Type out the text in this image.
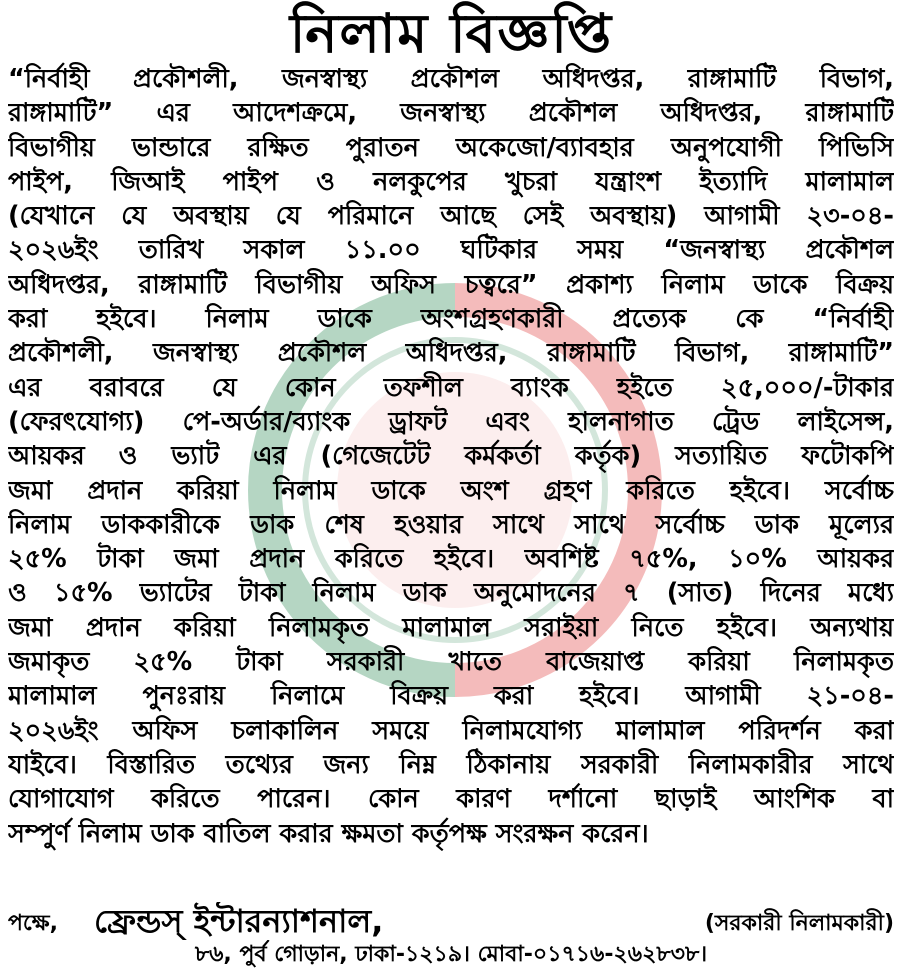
নিলাম বিজ্ঞপ্তি
“নির্বাহী প্রকৌশলী, জনস্বাস্থ্য প্রকৌশল অধিদপ্তর, রাঙ্গামাটি বিভাগ,
রাঙ্গামাটি” এর আদেশক্রমে, জনস্বাস্থ্য প্রকৌশল অধিদপ্তর, রাঙ্গামাটি
বিভাগীয় ভান্ডারে রক্ষিত পুরাতন অকেজো/ব্যাবহার অনুপযোগী পিভিসি
পাইপ, জিআই পাইপ ও নলকুপের খুচরা যন্ত্রাংশ ইত্যাদি মালামাল
(যেখানে যে অবস্থায় যে পরিমানে আছে সেই অবস্থায়) আগামী ২৩-০৪-
২০২৬ইং তারিখ সকাল ১১.০০ ঘটিকার সময় “জনস্বাস্থ্য প্রকৌশল
অধিদপ্তর, রাঙ্গামাটি বিভাগীয় অফিস চত্বরে” প্রকাশ্য নিলাম ডাকে বিক্রয়
করা হইবে। নিলাম ডাকে অংশগ্রহণকারী প্রত্যেক কে “নির্বাহী
প্রকৌশলী, জনস্বাস্থ্য প্রকৌশল অধিদপ্তর, রাঙ্গামাটি বিভাগ, রাঙ্গামাটি”
এর বরাবরে যে কোন তফশীল ব্যাংক হইতে ২৫,০০০/-টাকার
(ফেরৎযোগ্য) পে-অর্ডার/ব্যাংক ড্রাফট এবং হালনাগাত ট্রেড লাইসেন্স,
আয়কর ও ভ্যাট এর (গেজেটেট কর্মকর্তা কর্তৃক) সত্যায়িত ফটোকপি
জমা প্রদান করিয়া নিলাম ডাকে অংশ গ্রহণ করিতে হইবে। সর্বোচ্চ
নিলাম ডাককারীকে ডাক শেষ হওয়ার সাথে সাথে সর্বোচ্চ ডাক মূল্যের
২৫% টাকা জমা প্রদান করিতে হইবে। অবশিষ্ট ৭৫%, ১০% আয়কর
ও ১৫% ভ্যাটের টাকা নিলাম ডাক অনুমোদনের ৭ (সাত) দিনের মধ্যে
জমা প্রদান করিয়া নিলামকৃত মালামাল সরাইয়া নিতে হইবে। অন্যথায়
জমাকৃত ২৫% টাকা সরকারী খাতে বাজেয়াপ্ত করিয়া নিলামকৃত
মালামাল পুনঃরায় নিলামে বিক্রয় করা হইবে। আগামী ২১-০৪-
২০২৬ইং অফিস চলাকালিন সময়ে নিলামযোগ্য মালামাল পরিদর্শন করা
যাইবে। বিস্তারিত তথ্যের জন্য নিম্ন ঠিকানায় সরকারী নিলামকারীর সাথে
যোগাযোগ করিতে পারেন। কোন কারণ দর্শানো ছাড়াই আংশিক বা
সম্পুর্ণ নিলাম ডাক বাতিল করার ক্ষমতা কর্তৃপক্ষ সংরক্ষন করেন।
পক্ষে, ফ্রেন্ডস্‌ ইন্টারন্যাশনাল,	(সরকারী নিলামকারী)
৮৬, পুর্ব গোড়ান, ঢাকা-১২১৯। মোবা-০১৭১৬-২৬২৮৩৮।
